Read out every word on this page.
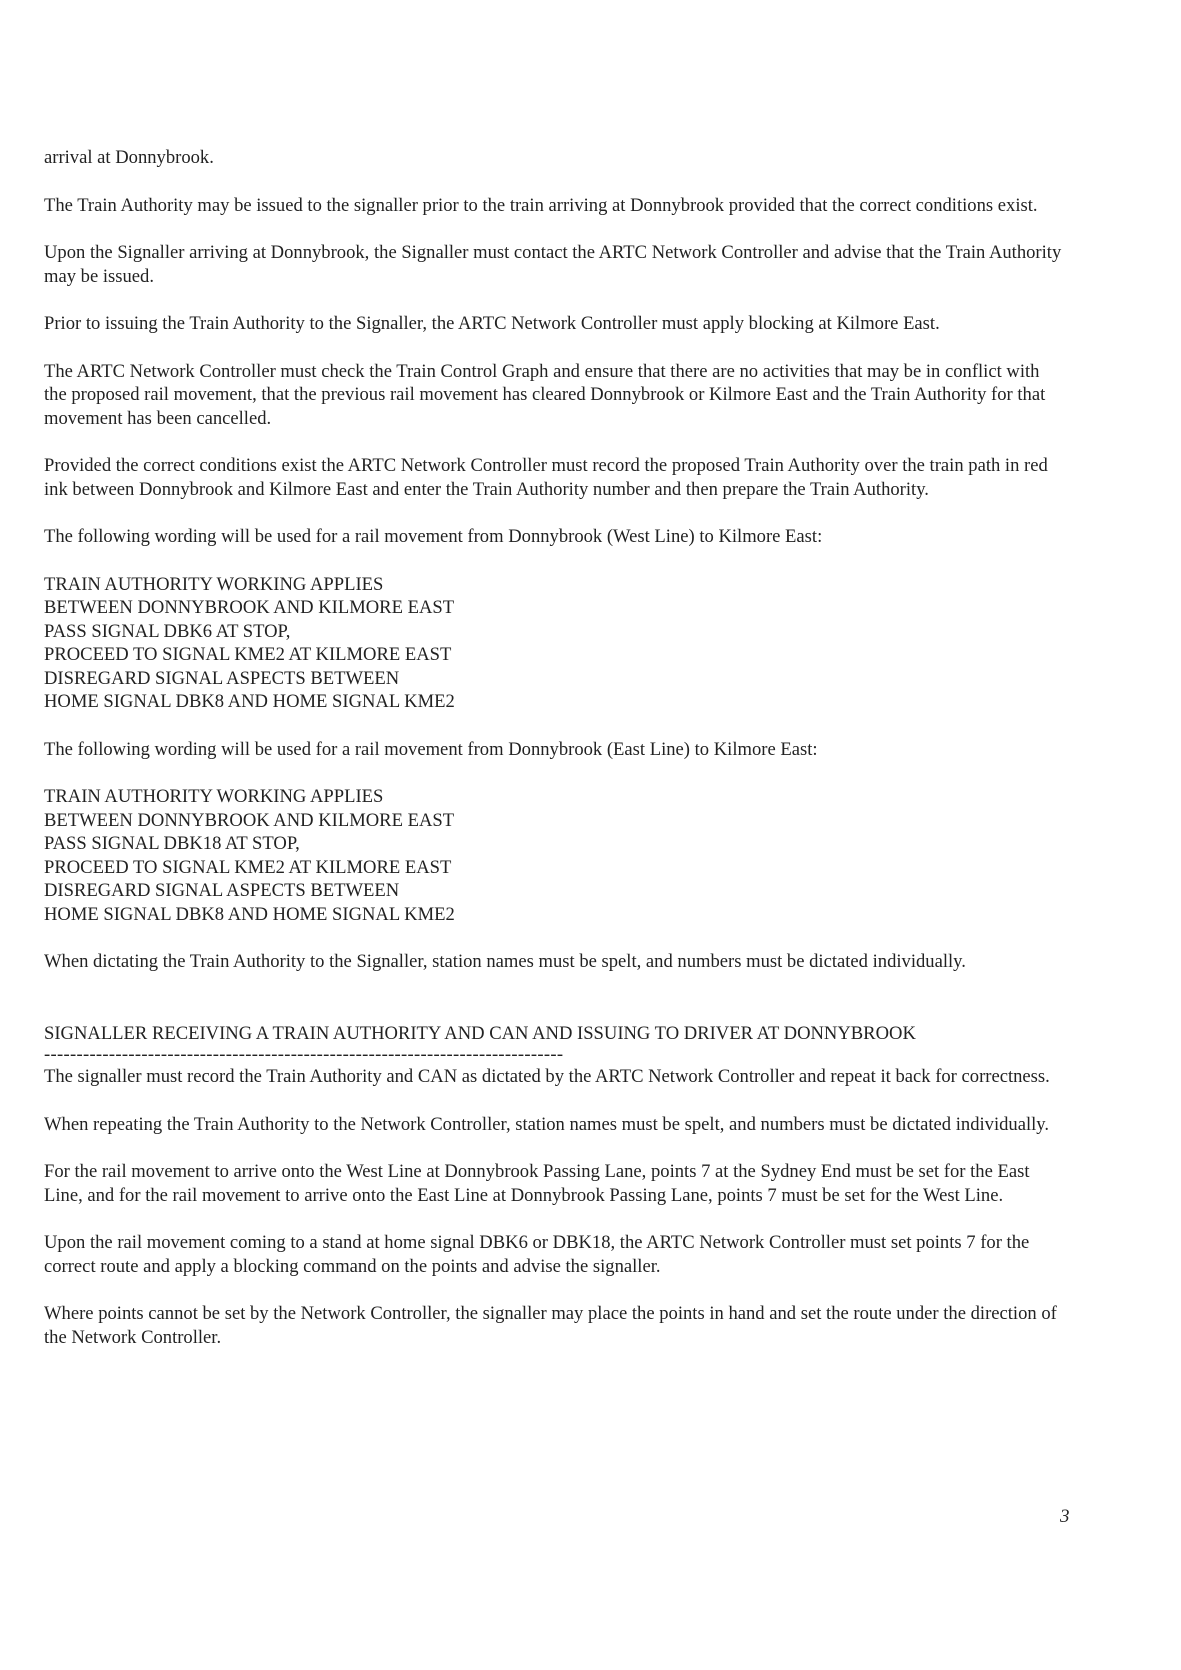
arrival at Donnybrook.

The Train Authority may be issued to the signaller prior to the train arriving at Donnybrook provided that the correct conditions exist.

Upon the Signaller arriving at Donnybrook, the Signaller must contact the ARTC Network Controller and advise that the Train Authority may be issued.

Prior to issuing the Train Authority to the Signaller, the ARTC Network Controller must apply blocking at Kilmore East.

The ARTC Network Controller must check the Train Control Graph and ensure that there are no activities that may be in conflict with the proposed rail movement, that the previous rail movement has cleared Donnybrook or Kilmore East and the Train Authority for that movement has been cancelled.

Provided the correct conditions exist the ARTC Network Controller must record the proposed Train Authority over the train path in red ink between Donnybrook and Kilmore East and enter the Train Authority number and then prepare the Train Authority.

The following wording will be used for a rail movement from Donnybrook (West Line) to Kilmore East:

TRAIN AUTHORITY WORKING APPLIES
BETWEEN DONNYBROOK AND KILMORE EAST
PASS SIGNAL DBK6 AT STOP,
PROCEED TO SIGNAL KME2 AT KILMORE EAST
DISREGARD SIGNAL ASPECTS BETWEEN
HOME SIGNAL DBK8 AND HOME SIGNAL KME2

The following wording will be used for a rail movement from Donnybrook (East Line) to Kilmore East:

TRAIN AUTHORITY WORKING APPLIES
BETWEEN DONNYBROOK AND KILMORE EAST
PASS SIGNAL DBK18 AT STOP,
PROCEED TO SIGNAL KME2 AT KILMORE EAST
DISREGARD SIGNAL ASPECTS BETWEEN
HOME SIGNAL DBK8 AND HOME SIGNAL KME2

When dictating the Train Authority to the Signaller, station names must be spelt, and numbers must be dictated individually.

SIGNALLER RECEIVING A TRAIN AUTHORITY AND CAN AND ISSUING TO DRIVER AT DONNYBROOK

--------------------------------------------------------------------------------

The signaller must record the Train Authority and CAN as dictated by the ARTC Network Controller and repeat it back for correctness.

When repeating the Train Authority to the Network Controller, station names must be spelt, and numbers must be dictated individually.

For the rail movement to arrive onto the West Line at Donnybrook Passing Lane, points 7 at the Sydney End must be set for the East Line, and for the rail movement to arrive onto the East Line at Donnybrook Passing Lane, points 7 must be set for the West Line.

Upon the rail movement coming to a stand at home signal DBK6 or DBK18, the ARTC Network Controller must set points 7 for the correct route and apply a blocking command on the points and advise the signaller.

Where points cannot be set by the Network Controller, the signaller may place the points in hand and set the route under the direction of the Network Controller.

3
